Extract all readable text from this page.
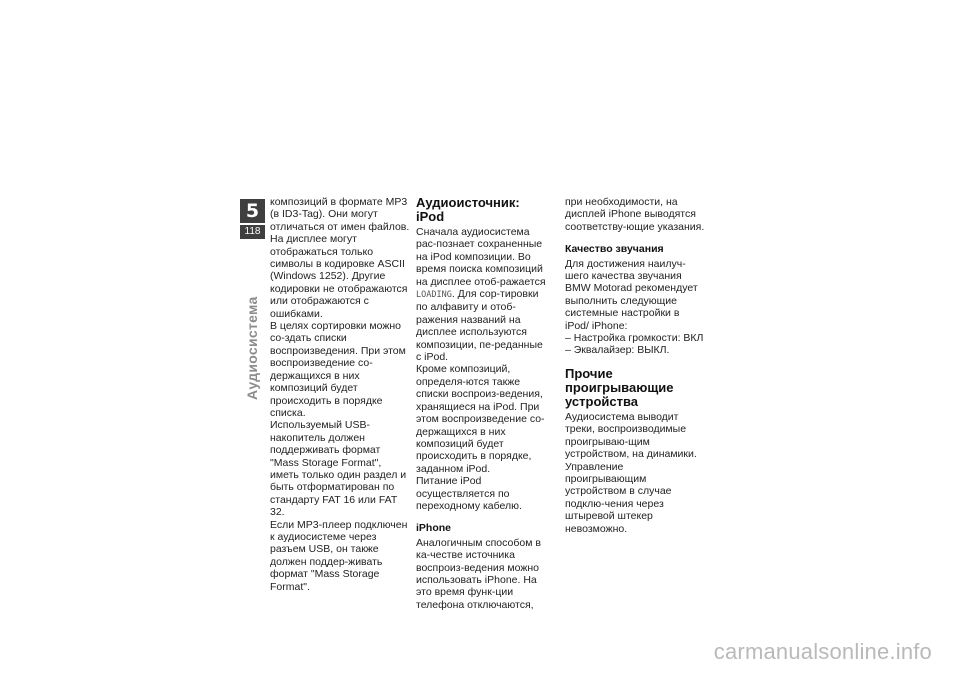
5
118
Аудиосистема

композиций в формате MP3 (в ID3-Tag). Они могут отличаться от имен файлов.
На дисплее могут отображаться только символы в кодировке ASCII (Windows 1252). Другие кодировки не отображаются или отображаются с ошибками.
В целях сортировки можно со-здать списки воспроизведения. При этом воспроизведение со-держащихся в них композиций будет происходить в порядке списка.
Используемый USB-накопитель должен поддерживать формат "Mass Storage Format", иметь только один раздел и быть отформатирован по стандарту FAT 16 или FAT 32.
Если MP3-плеер подключен к аудиосистеме через разъем USB, он также должен поддер-живать формат "Mass Storage Format".

Аудиоисточник: iPod

Сначала аудиосистема рас-познает сохраненные на iPod композиции. Во время поиска композиций на дисплее отоб-ражается LOADING. Для сор-тировки по алфавиту и отоб-ражения названий на дисплее используются композиции, пе-реданные с iPod.
Кроме композиций, определя-ются также списки воспроиз-ведения, хранящиеся на iPod. При этом воспроизведение со-держащихся в них композиций будет происходить в порядке, заданном iPod.
Питание iPod осуществляется по переходному кабелю.

iPhone

Аналогичным способом в ка-честве источника воспроиз-ведения можно использовать iPhone. На это время функ-ции телефона отключаются,

при необходимости, на дисплей iPhone выводятся соответству-ющие указания.

Качество звучания

Для достижения наилуч-шего качества звучания BMW Motorad рекомендует выполнить следующие системные настройки в iPod/ iPhone:

– Настройка громкости: ВКЛ

– Эквалайзер: ВЫКЛ.

Прочие проигрывающие устройства

Аудиосистема выводит треки, воспроизводимые проигрываю-щим устройством, на динамики. Управление проигрывающим устройством в случае подклю-чения через штыревой штекер невозможно.

carmanualsonline.info
